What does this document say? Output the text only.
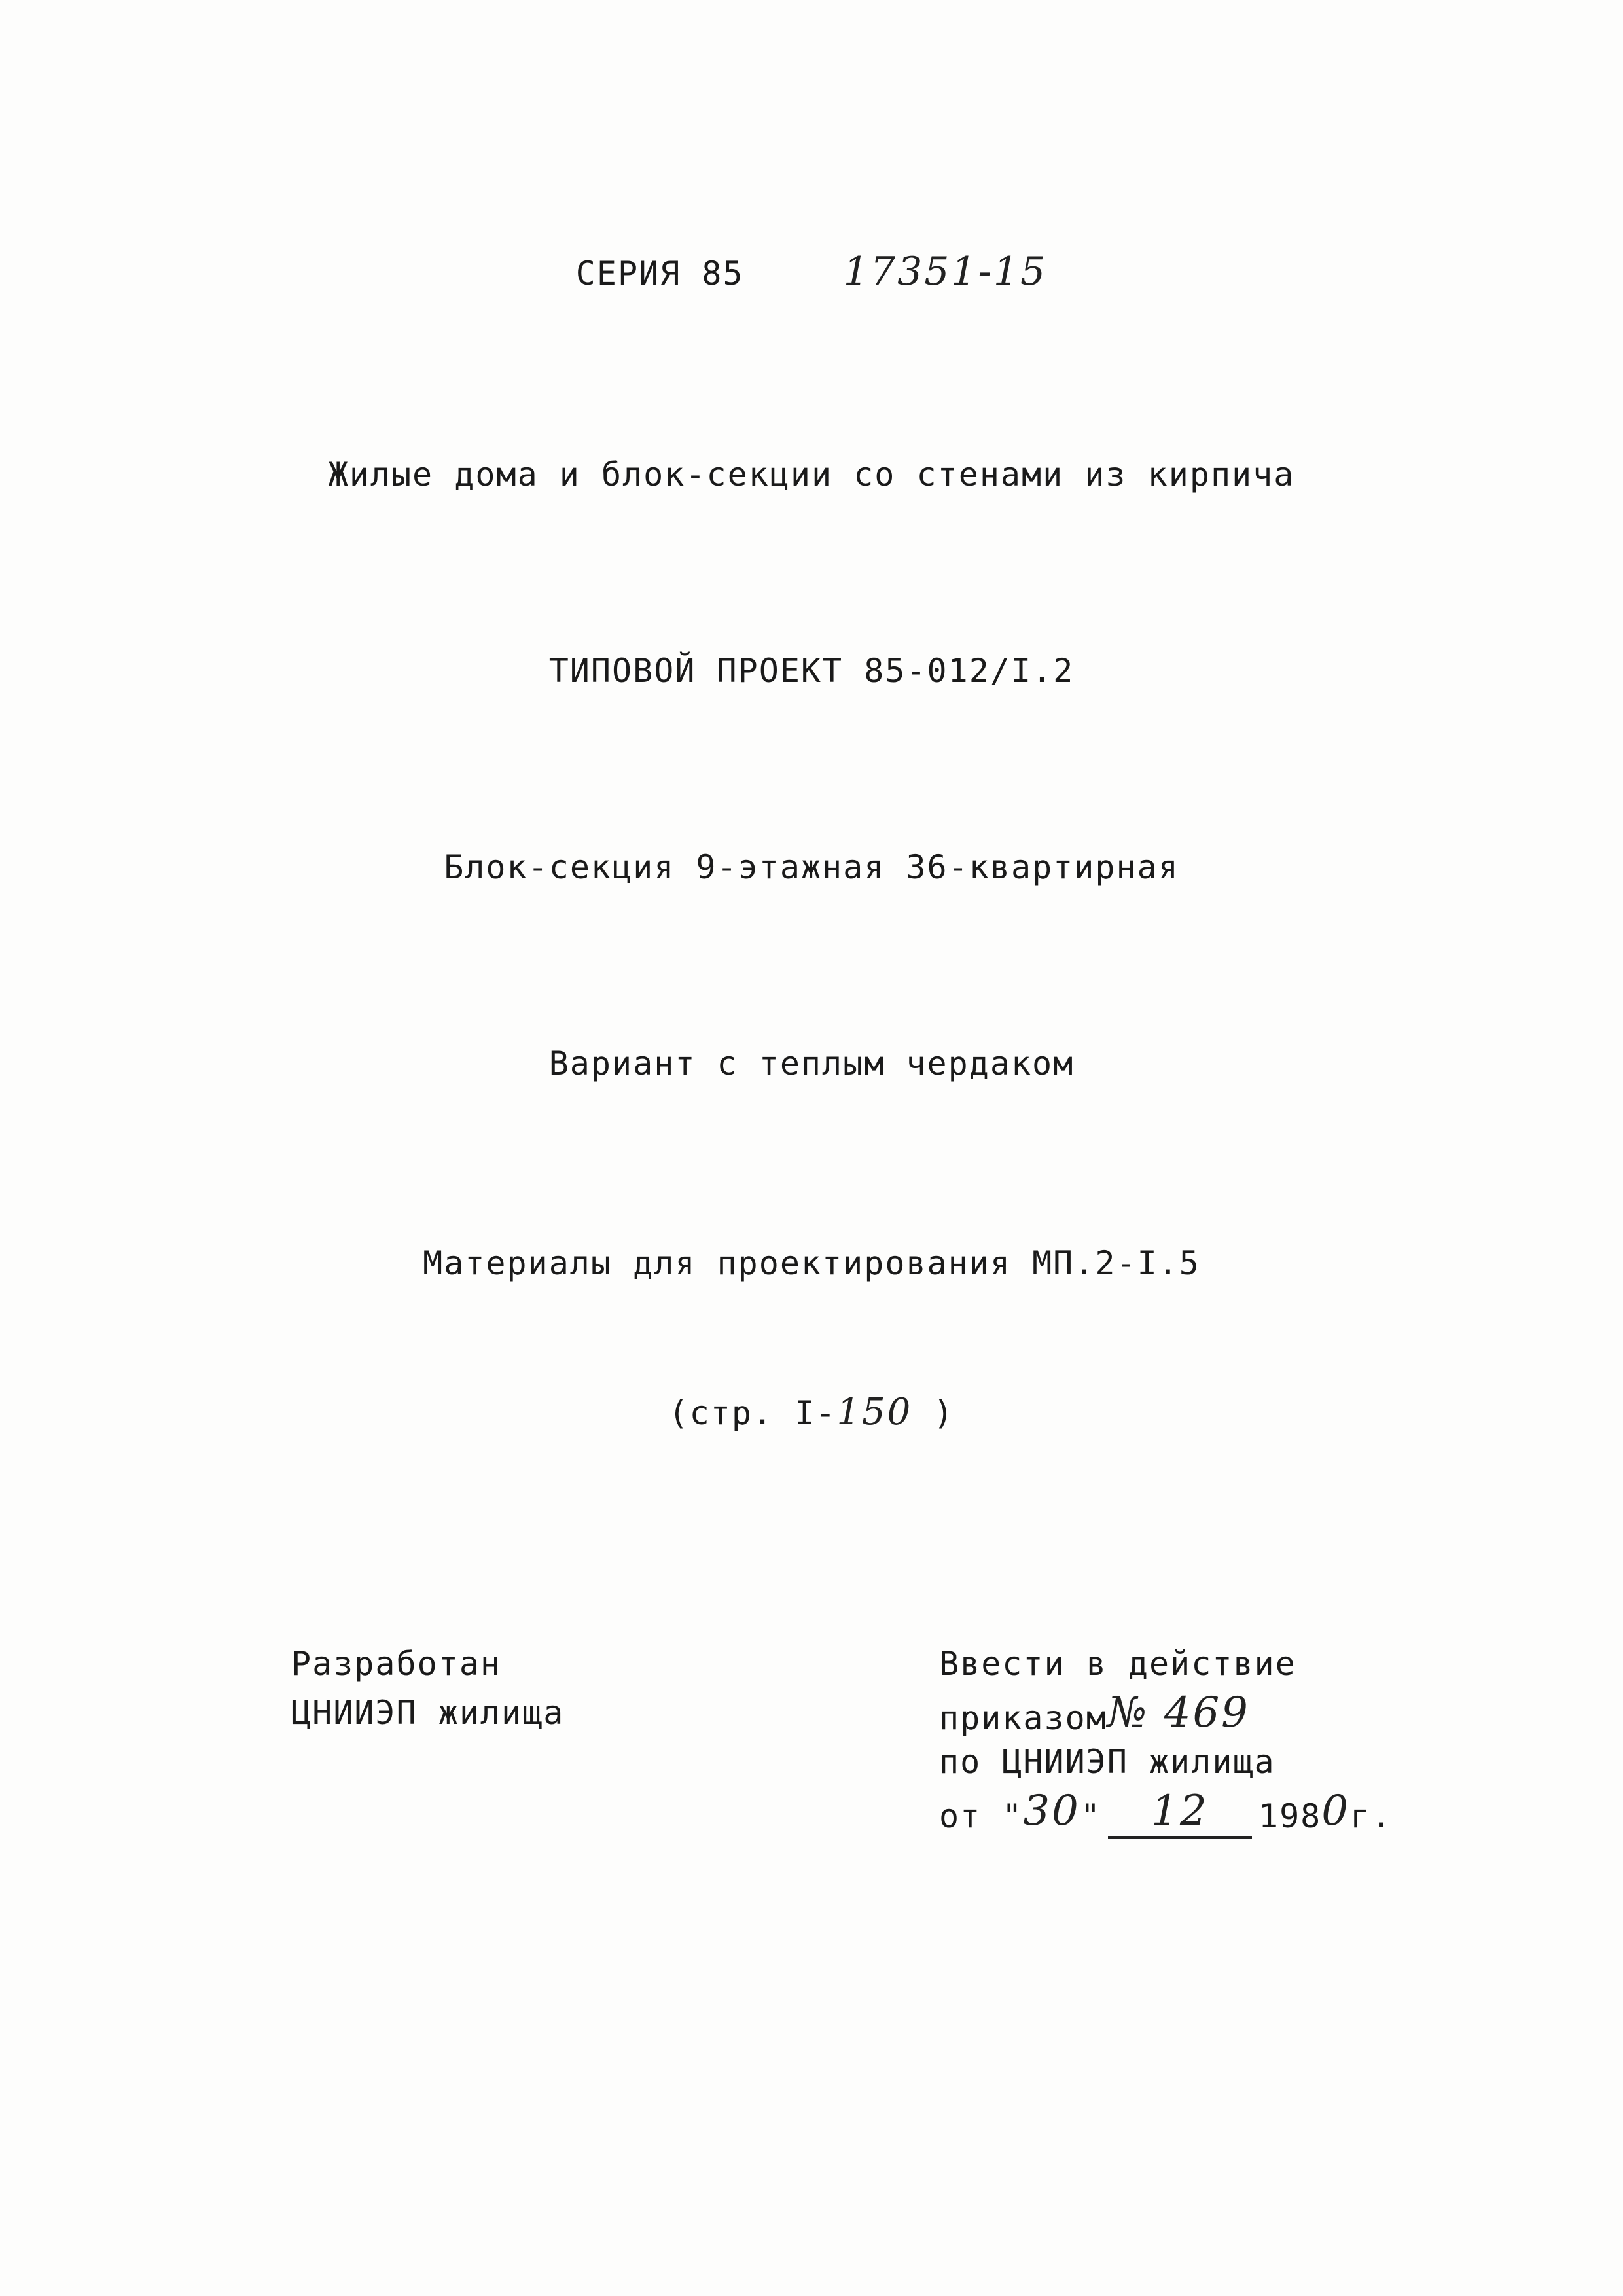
СЕРИЯ 85	17351-15
Жилые дома и блок-секции со стенами из кирпича
ТИПОВОЙ ПРОЕКТ 85-012/I.2
Блок-секция 9-этажная 36-квартирная
Вариант с теплым чердаком
Материалы для проектирования МП.2-I.5
(стр. I-150 )
Разработан
ЦНИИЭП жилища
Ввести в действие
приказом№ 469
по ЦНИИЭП жилища
от "30" 12 1980г.
